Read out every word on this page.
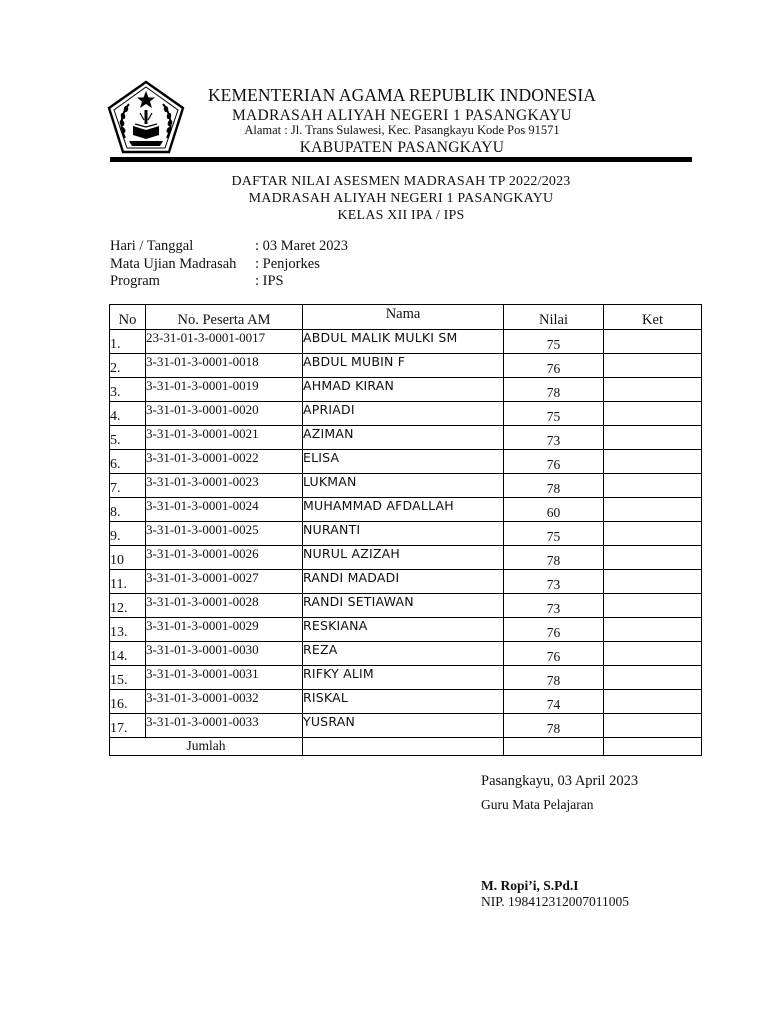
KEMENTERIAN AGAMA REPUBLIK INDONESIA
MADRASAH ALIYAH NEGERI 1 PASANGKAYU
Alamat : Jl. Trans Sulawesi, Kec. Pasangkayu Kode Pos 91571
KABUPATEN PASANGKAYU
DAFTAR NILAI ASESMEN MADRASAH TP 2022/2023
MADRASAH ALIYAH NEGERI 1 PASANGKAYU
KELAS XII IPA / IPS
Hari / Tanggal	: 03 Maret 2023
Mata Ujian Madrasah : Penjorkes
Program	: IPS
No	No. Peserta AM	Nama	Nilai	Ket
1.	23-31-01-3-0001-0017	ABDUL MALIK MULKI SM	75	
2.	3-31-01-3-0001-0018	ABDUL MUBIN F	76	
3.	3-31-01-3-0001-0019	AHMAD KIRAN	78	
4.	3-31-01-3-0001-0020	APRIADI	75	
5.	3-31-01-3-0001-0021	AZIMAN	73	
6.	3-31-01-3-0001-0022	ELISA	76	
7.	3-31-01-3-0001-0023	LUKMAN	78	
8.	3-31-01-3-0001-0024	MUHAMMAD AFDALLAH	60	
9.	3-31-01-3-0001-0025	NURANTI	75	
10	3-31-01-3-0001-0026	NURUL AZIZAH	78	
11.	3-31-01-3-0001-0027	RANDI MADADI	73	
12.	3-31-01-3-0001-0028	RANDI SETIAWAN	73	
13.	3-31-01-3-0001-0029	RESKIANA	76	
14.	3-31-01-3-0001-0030	REZA	76	
15.	3-31-01-3-0001-0031	RIFKY ALIM	78	
16.	3-31-01-3-0001-0032	RISKAL	74	
17.	3-31-01-3-0001-0033	YUSRAN	78	
Jumlah				
Pasangkayu, 03 April 2023
Guru Mata Pelajaran
M. Ropi’i, S.Pd.I
NIP. 198412312007011005
